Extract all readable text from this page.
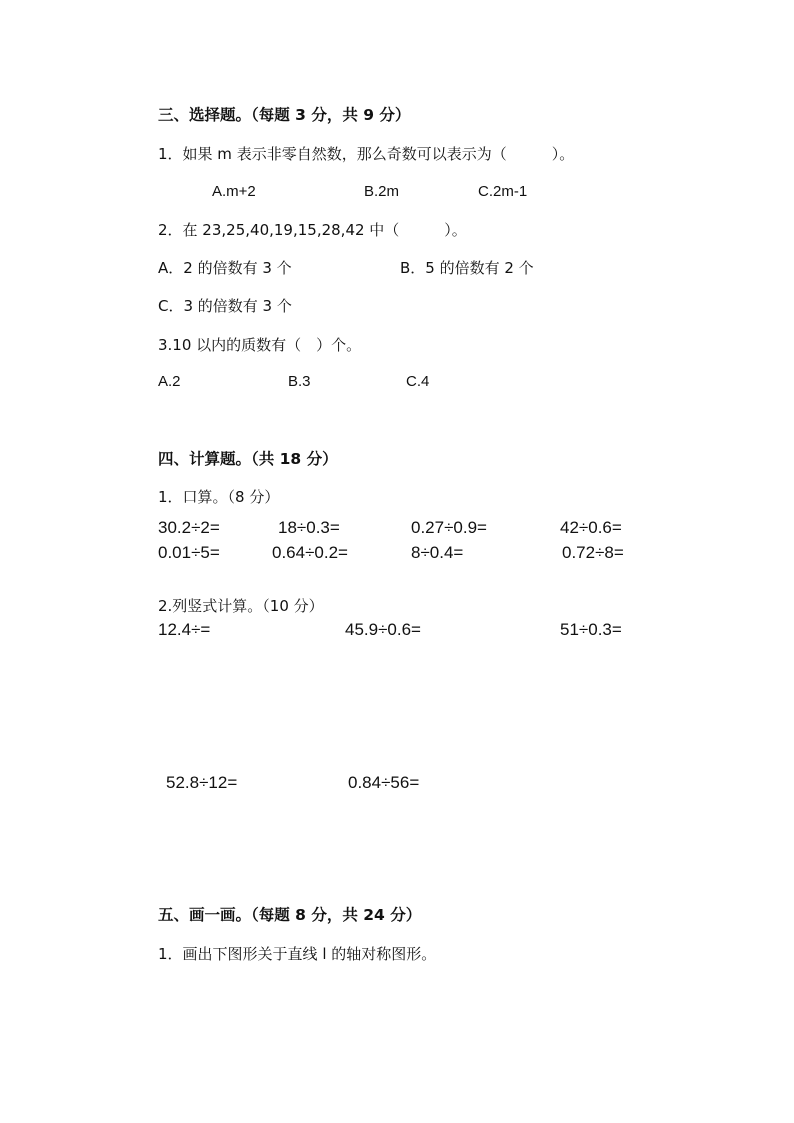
三、选择题。（每题 3 分，共 9 分）
1．如果 m 表示非零自然数，那么奇数可以表示为（　　　）。
A.m+2	B.2m	C.2m-1
2．在 23,25,40,19,15,28,42 中（　　　）。
A．2 的倍数有 3 个	B．5 的倍数有 2 个
C．3 的倍数有 3 个
3.10 以内的质数有（　）个。
A.2	B.3	C.4
四、计算题。（共 18 分）
1．口算。（8 分）
30.2÷2=	18÷0.3=	0.27÷0.9=	42÷0.6=
0.01÷5=	0.64÷0.2=	8÷0.4=	0.72÷8=
2.列竖式计算。（10 分）
12.4÷=	45.9÷0.6=	51÷0.3=
52.8÷12=	0.84÷56=
五、画一画。（每题 8 分，共 24 分）
1．画出下图形关于直线 l 的轴对称图形。
